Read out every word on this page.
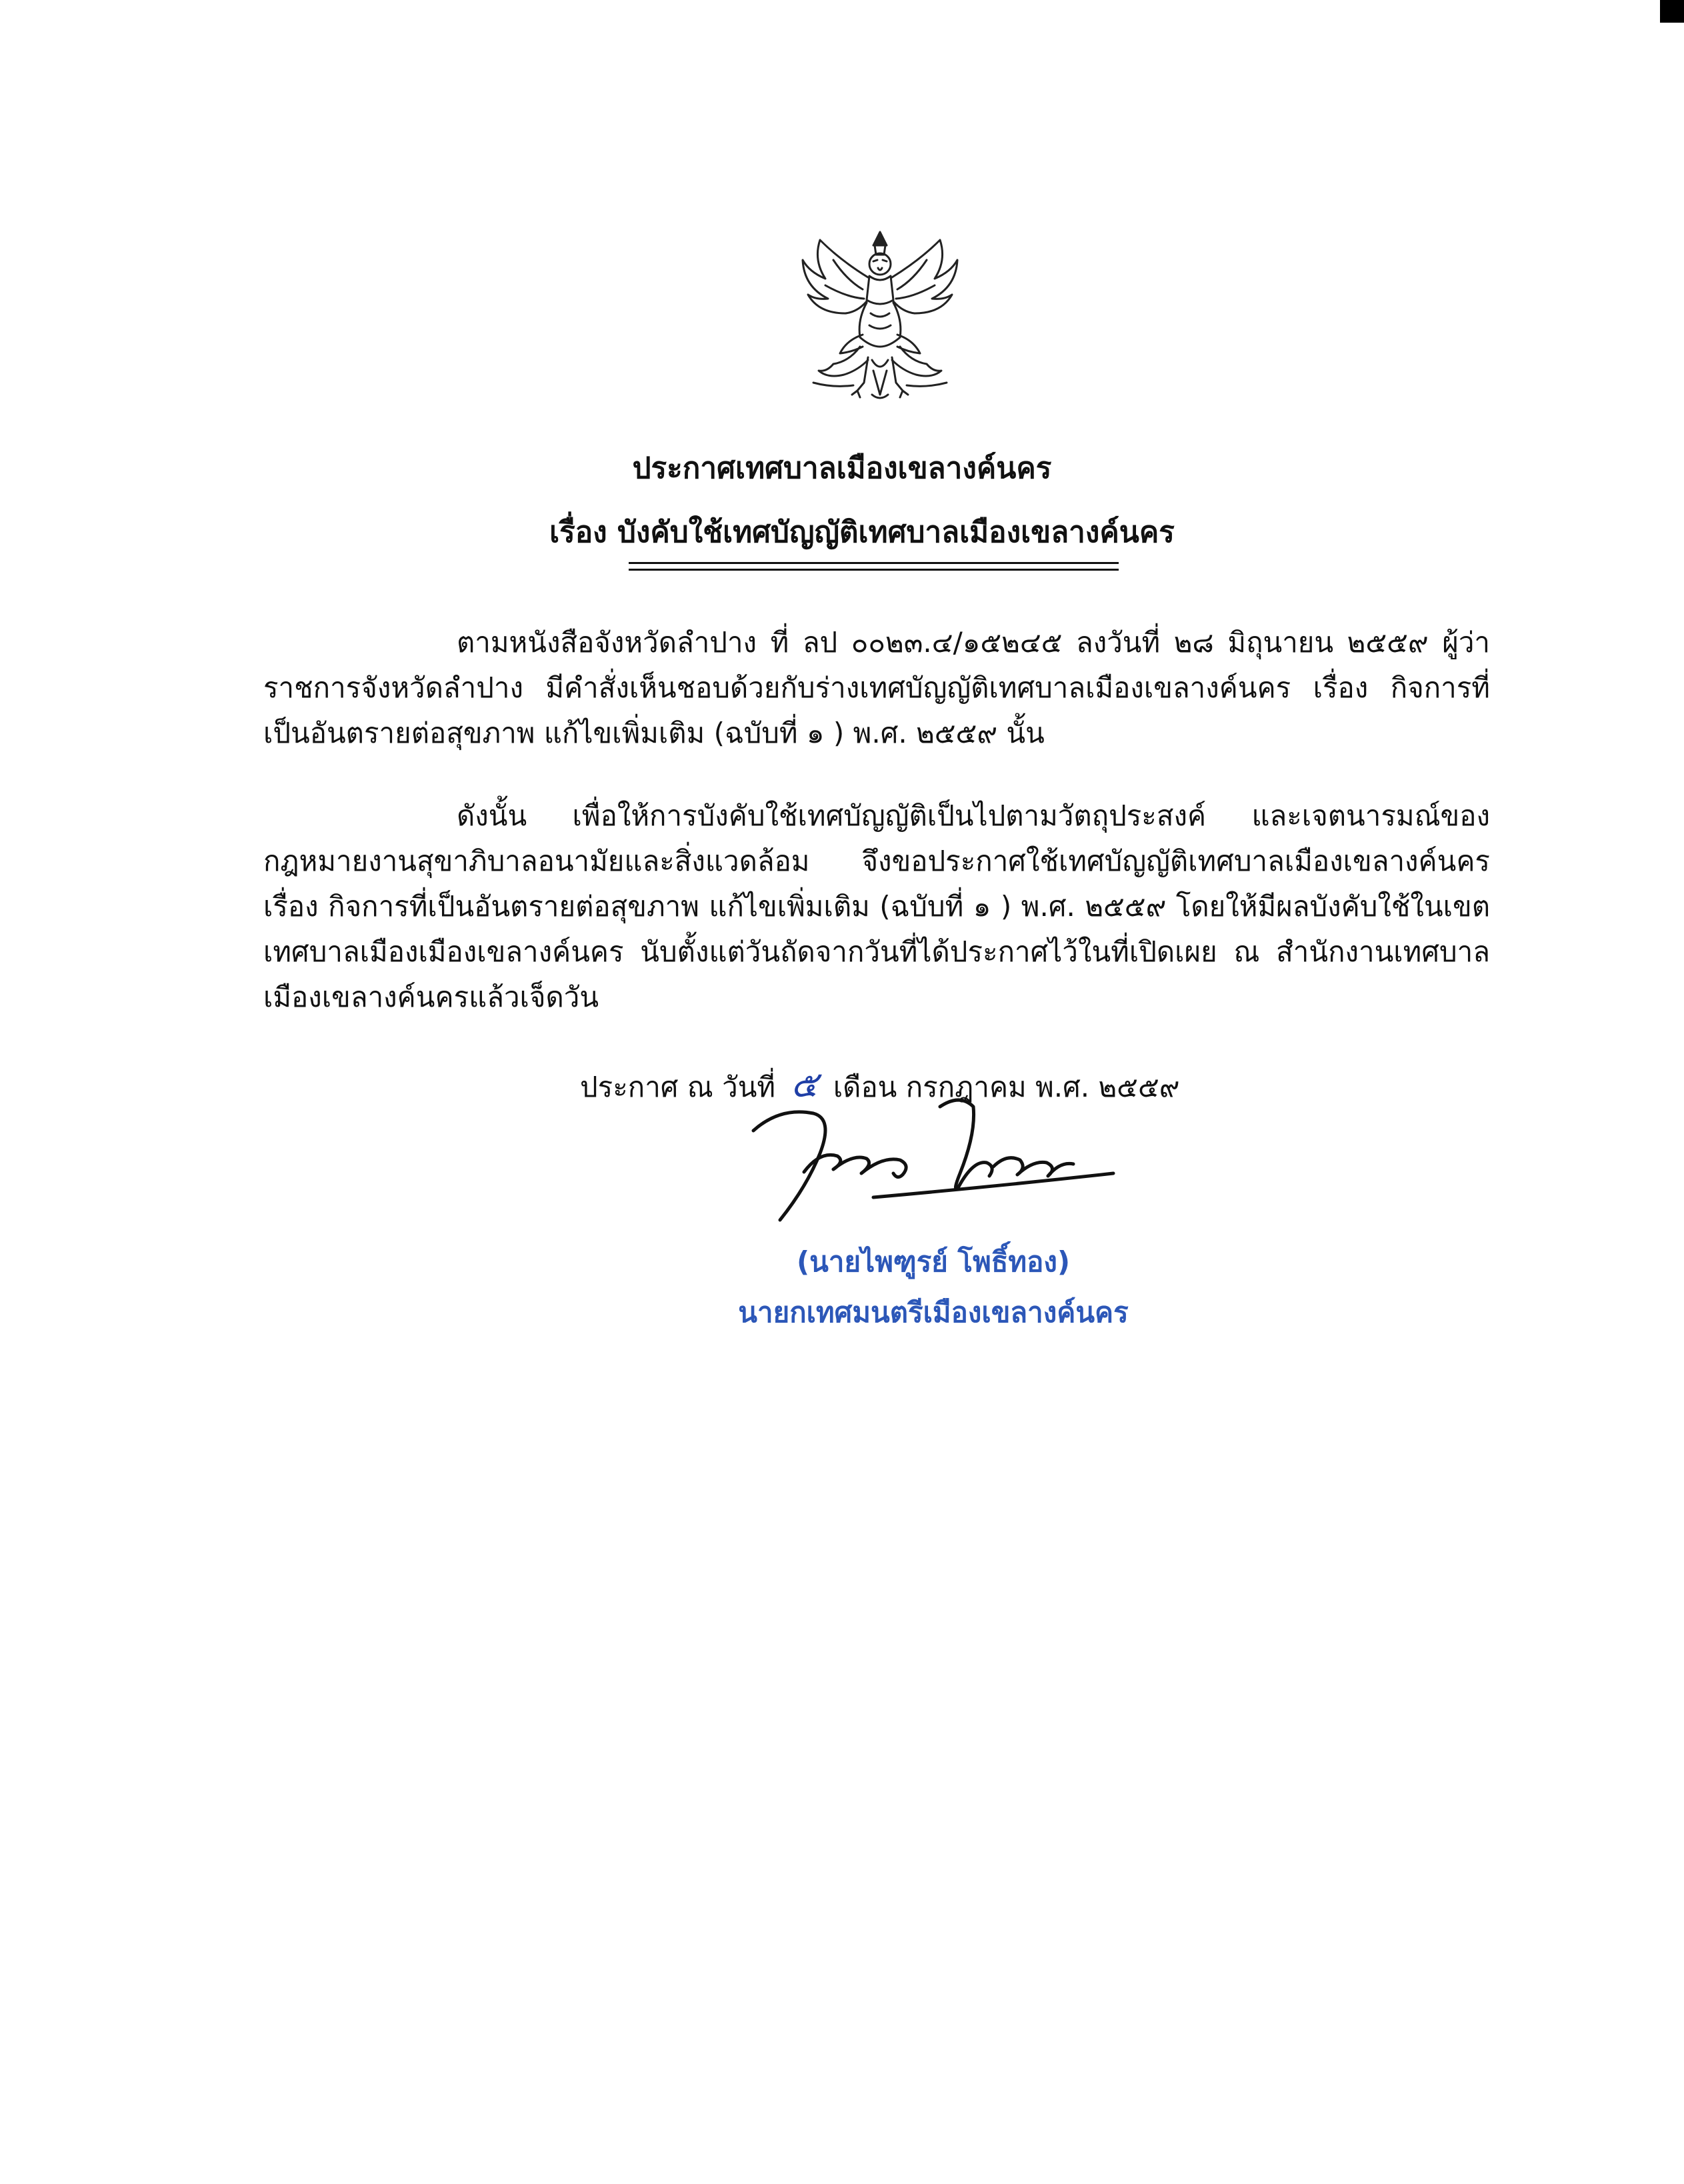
ประกาศเทศบาลเมืองเขลางค์นคร
เรื่อง บังคับใช้เทศบัญญัติเทศบาลเมืองเขลางค์นคร

ตามหนังสือจังหวัดลำปาง ที่ ลป ๐๐๒๓.๔/๑๕๒๔๕ ลงวันที่ ๒๘ มิถุนายน ๒๕๕๙ ผู้ว่าราชการจังหวัดลำปาง มีคำสั่งเห็นชอบด้วยกับร่างเทศบัญญัติเทศบาลเมืองเขลางค์นคร เรื่อง กิจการที่เป็นอันตรายต่อสุขภาพ แก้ไขเพิ่มเติม (ฉบับที่ ๑ ) พ.ศ. ๒๕๕๙ นั้น

ดังนั้น เพื่อให้การบังคับใช้เทศบัญญัติเป็นไปตามวัตถุประสงค์ และเจตนารมณ์ของกฎหมายงานสุขาภิบาลอนามัยและสิ่งแวดล้อม จึงขอประกาศใช้เทศบัญญัติเทศบาลเมืองเขลางค์นคร เรื่อง กิจการที่เป็นอันตรายต่อสุขภาพ แก้ไขเพิ่มเติม (ฉบับที่ ๑ ) พ.ศ. ๒๕๕๙ โดยให้มีผลบังคับใช้ในเขตเทศบาลเมืองเมืองเขลางค์นคร นับตั้งแต่วันถัดจากวันที่ได้ประกาศไว้ในที่เปิดเผย ณ สำนักงานเทศบาลเมืองเขลางค์นครแล้วเจ็ดวัน

ประกาศ ณ วันที่ ๕ เดือน กรกฎาคม พ.ศ. ๒๕๕๙
(นายไพฑูรย์ โพธิ์ทอง)
นายกเทศมนตรีเมืองเขลางค์นคร
